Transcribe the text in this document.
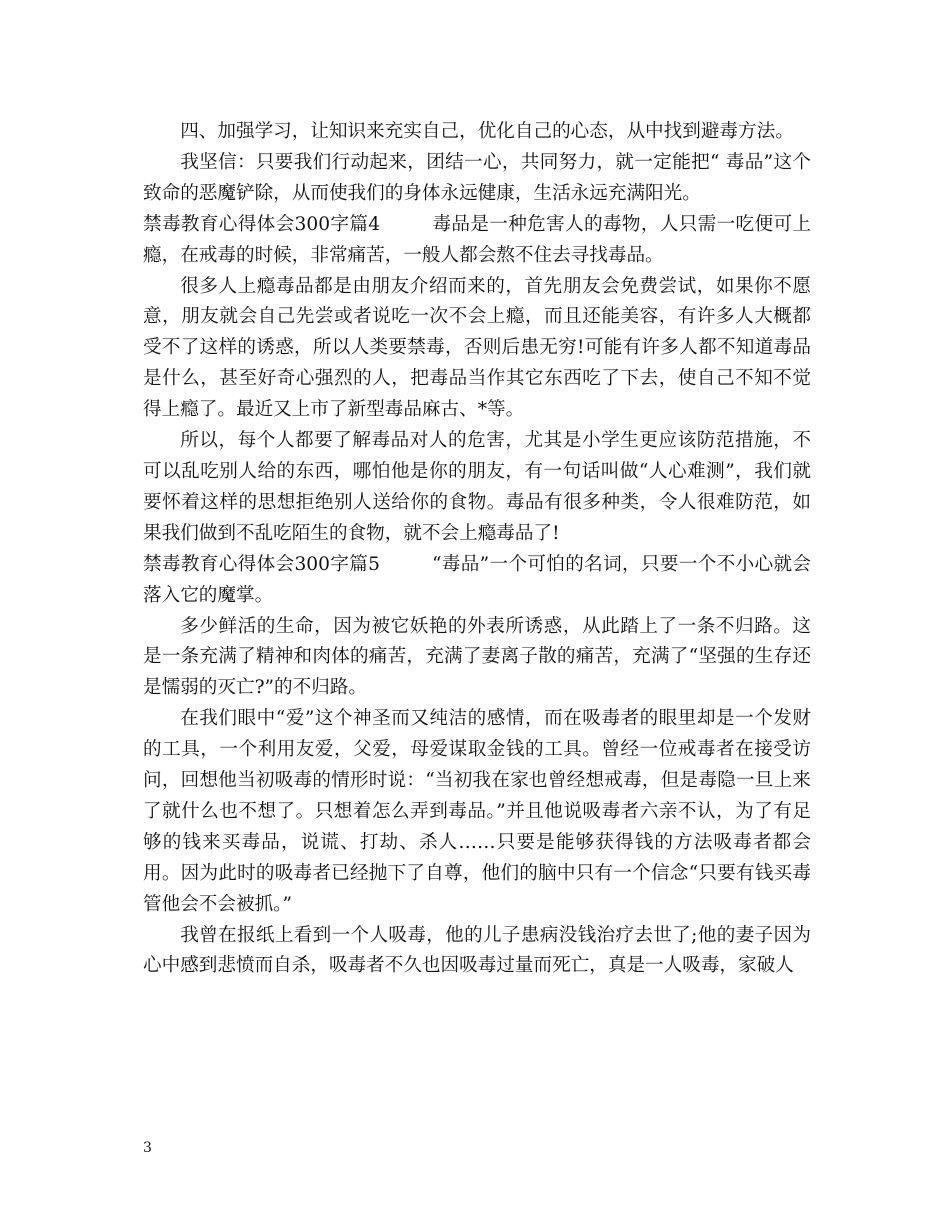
四、加强学习，让知识来充实自己，优化自己的心态，从中找到避毒方法。

我坚信：只要我们行动起来，团结一心，共同努力，就一定能把“ 毒品”这个致命的恶魔铲除，从而使我们的身体永远健康，生活永远充满阳光。

禁毒教育心得体会300字篇4	毒品是一种危害人的毒物，人只需一吃便可上瘾，在戒毒的时候，非常痛苦，一般人都会熬不住去寻找毒品。

很多人上瘾毒品都是由朋友介绍而来的，首先朋友会免费尝试，如果你不愿意，朋友就会自己先尝或者说吃一次不会上瘾，而且还能美容，有许多人大概都受不了这样的诱惑，所以人类要禁毒，否则后患无穷!可能有许多人都不知道毒品是什么，甚至好奇心强烈的人，把毒品当作其它东西吃了下去，使自己不知不觉得上瘾了。最近又上市了新型毒品麻古、*等。

所以，每个人都要了解毒品对人的危害，尤其是小学生更应该防范措施，不可以乱吃别人给的东西，哪怕他是你的朋友，有一句话叫做“人心难测”，我们就要怀着这样的思想拒绝别人送给你的食物。毒品有很多种类，令人很难防范，如果我们做到不乱吃陌生的食物，就不会上瘾毒品了!

禁毒教育心得体会300字篇5	“毒品”一个可怕的名词，只要一个不小心就会落入它的魔掌。

多少鲜活的生命，因为被它妖艳的外表所诱惑，从此踏上了一条不归路。这是一条充满了精神和肉体的痛苦，充满了妻离子散的痛苦，充满了“坚强的生存还是懦弱的灭亡?”的不归路。

在我们眼中“爱”这个神圣而又纯洁的感情，而在吸毒者的眼里却是一个发财的工具，一个利用友爱，父爱，母爱谋取金钱的工具。曾经一位戒毒者在接受访问，回想他当初吸毒的情形时说：“当初我在家也曾经想戒毒，但是毒隐一旦上来了就什么也不想了。只想着怎么弄到毒品。”并且他说吸毒者六亲不认，为了有足够的钱来买毒品，说谎、打劫、杀人……只要是能够获得钱的方法吸毒者都会用。因为此时的吸毒者已经抛下了自尊，他们的脑中只有一个信念“只要有钱买毒管他会不会被抓。”

我曾在报纸上看到一个人吸毒，他的儿子患病没钱治疗去世了;他的妻子因为心中感到悲愤而自杀，吸毒者不久也因吸毒过量而死亡，真是一人吸毒，家破人

3
